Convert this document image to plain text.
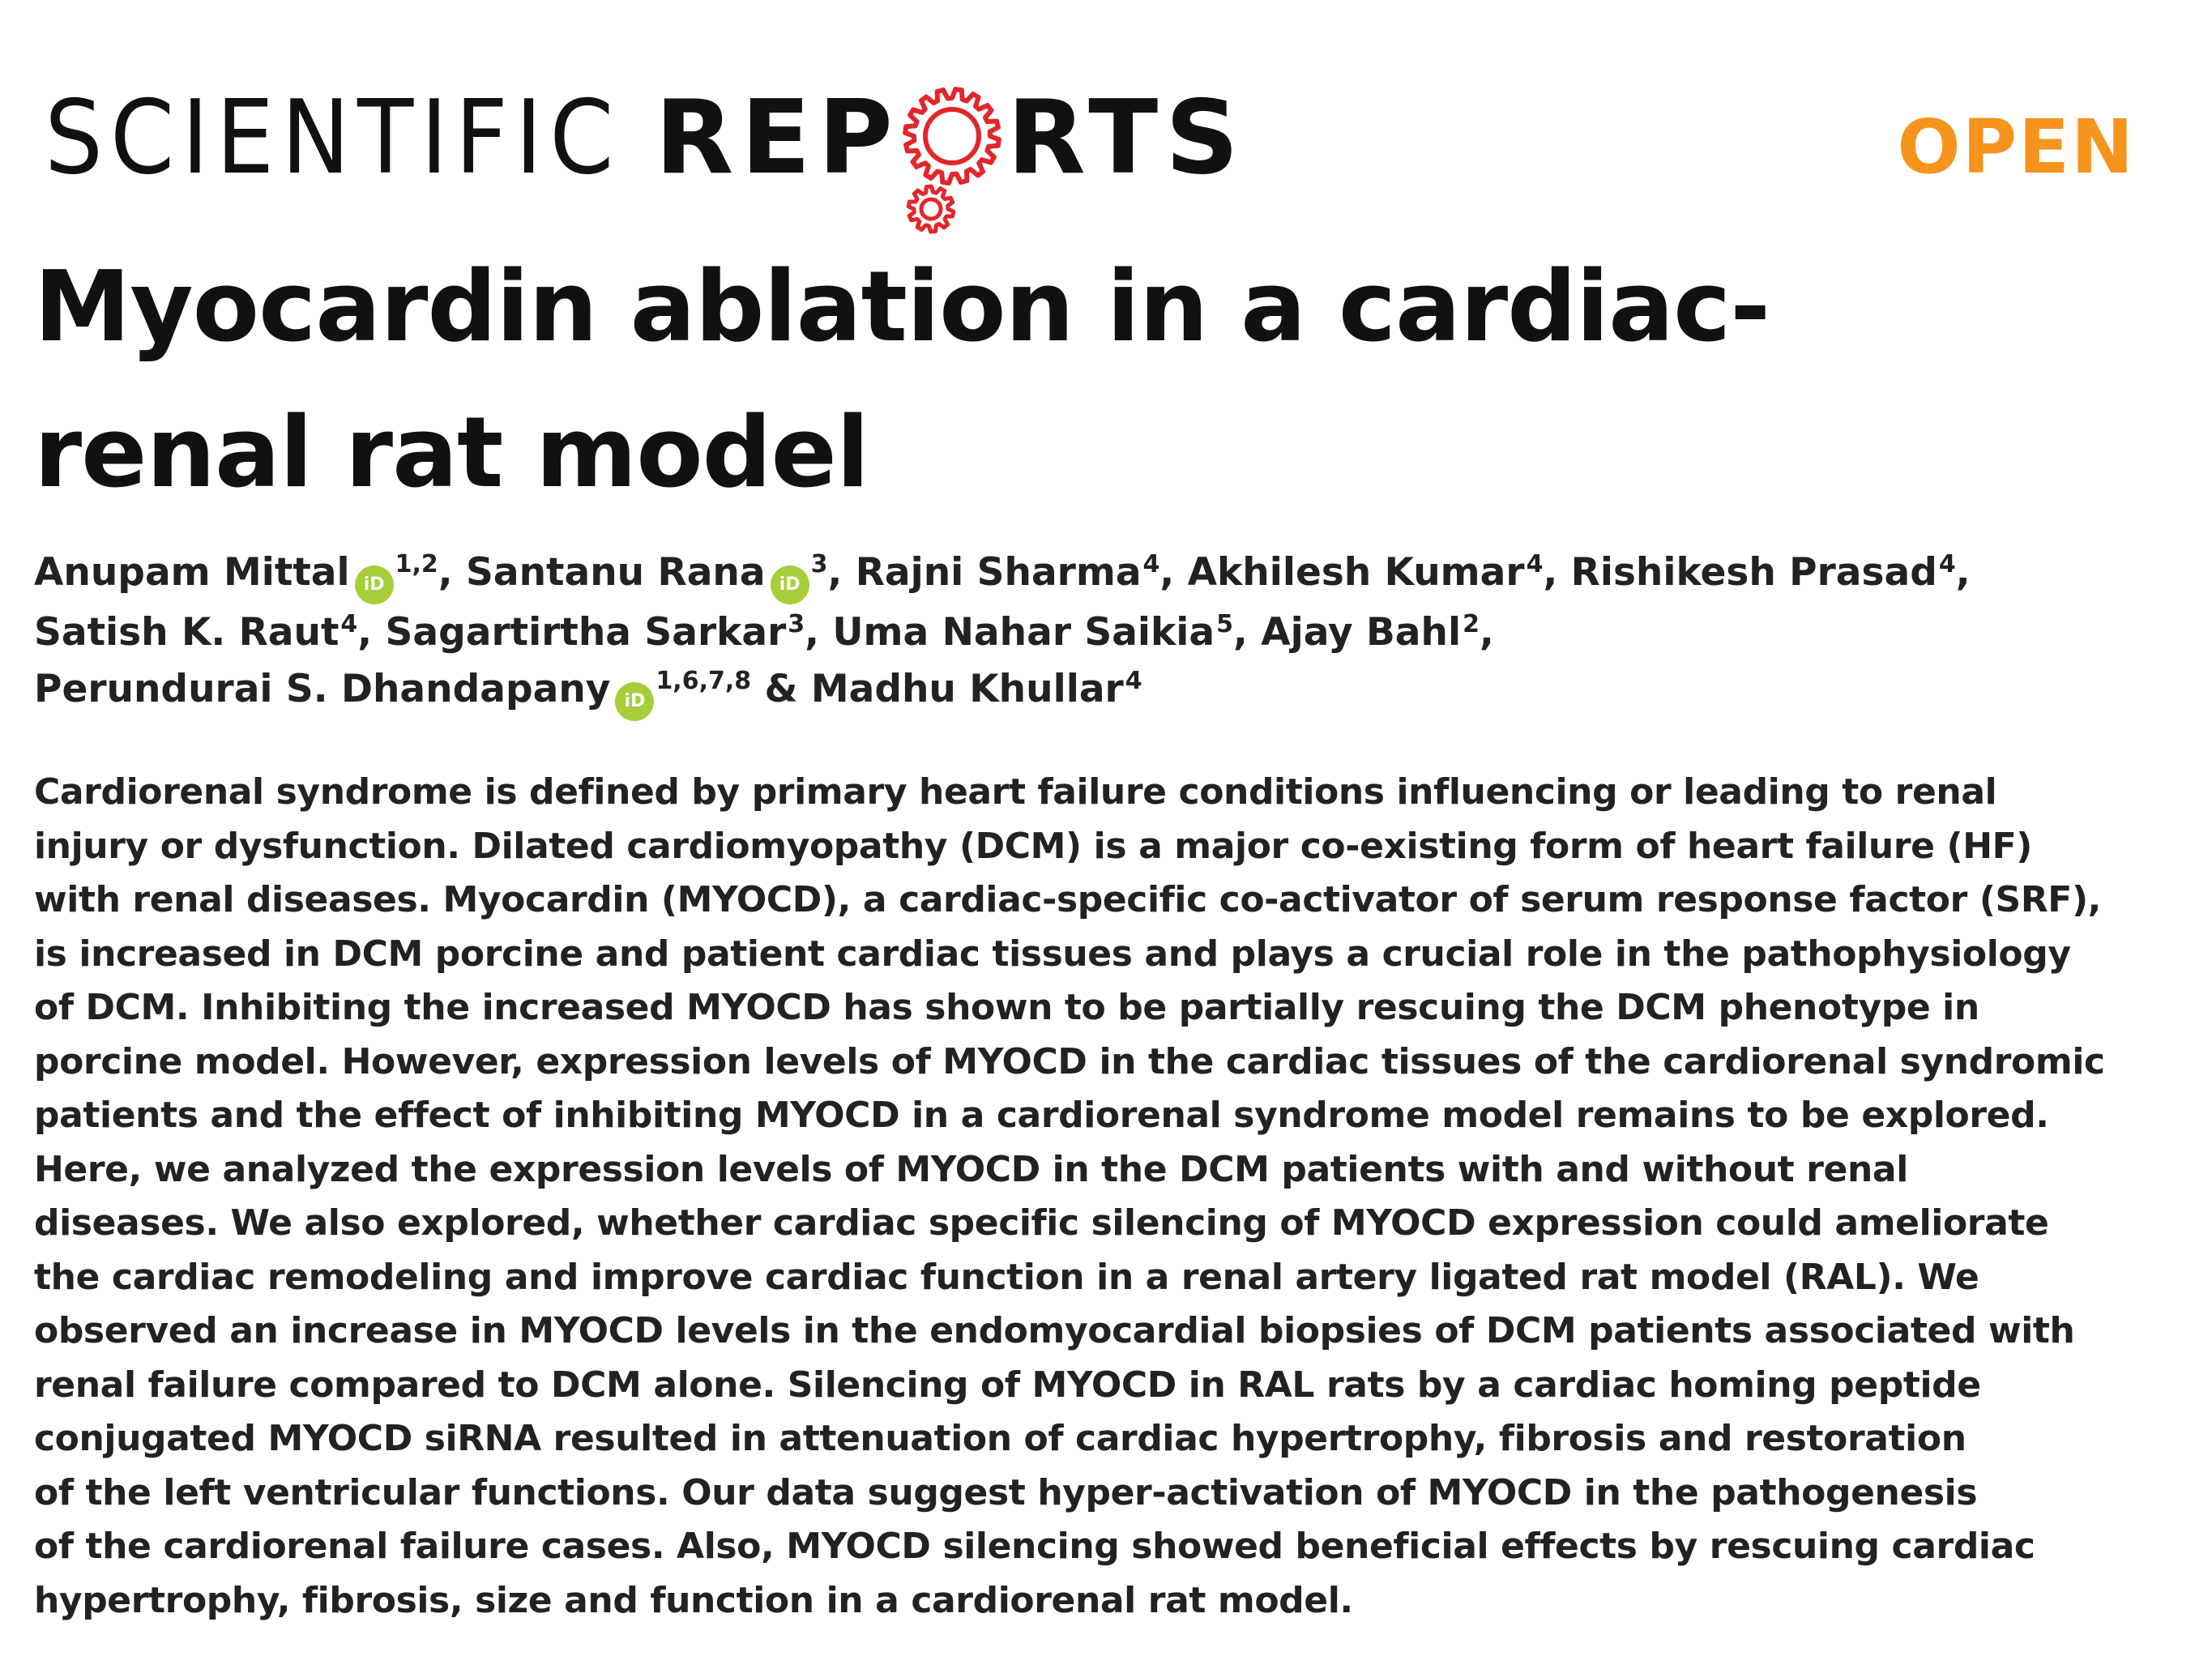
SCIENTIFIC REP RTS	OPEN
Myocardin ablation in a cardiac-
renal rat model

Anupam Mittal iD$^{1,2}$, Santanu Rana $iD^3$, Rajni Sharma$^4$, Akhilesh Kumar$^4$, Rishikesh Prasad$^4$,
Satish K. Raut$^4$, Sagartirtha Sarkar$^3$, Uma Nahar Saikia$^5$, Ajay Bahl$^2$,
Perundurai S. Dhandapany iD$^{1,6,7,8}$ & Madhu Khullar$^4$

Cardiorenal syndrome is defined by primary heart failure conditions influencing or leading to renal
injury or dysfunction. Dilated cardiomyopathy (DCM) is a major co-existing form of heart failure (HF)
with renal diseases. Myocardin (MYOCD), a cardiac-specific co-activator of serum response factor (SRF),
is increased in DCM porcine and patient cardiac tissues and plays a crucial role in the pathophysiology
of DCM. Inhibiting the increased MYOCD has shown to be partially rescuing the DCM phenotype in
porcine model. However, expression levels of MYOCD in the cardiac tissues of the cardiorenal syndromic
patients and the effect of inhibiting MYOCD in a cardiorenal syndrome model remains to be explored.
Here, we analyzed the expression levels of MYOCD in the DCM patients with and without renal
diseases. We also explored, whether cardiac specific silencing of MYOCD expression could ameliorate
the cardiac remodeling and improve cardiac function in a renal artery ligated rat model (RAL). We
observed an increase in MYOCD levels in the endomyocardial biopsies of DCM patients associated with
renal failure compared to DCM alone. Silencing of MYOCD in RAL rats by a cardiac homing peptide
conjugated MYOCD siRNA resulted in attenuation of cardiac hypertrophy, fibrosis and restoration
of the left ventricular functions. Our data suggest hyper-activation of MYOCD in the pathogenesis
of the cardiorenal failure cases. Also, MYOCD silencing showed beneficial effects by rescuing cardiac
hypertrophy, fibrosis, size and function in a cardiorenal rat model.
